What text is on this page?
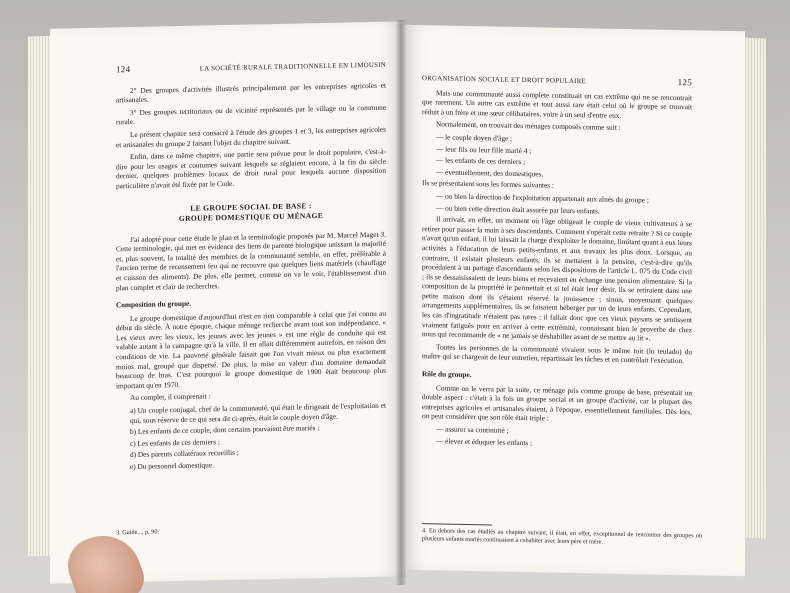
124	LA SOCIÉTÉ RURALE TRADITIONNELLE EN LIMOUSIN

2° Des groupes d'activités illustrés principalement par les entreprises agricoles et artisanales.

3° Des groupes territoriaux ou de vicinité représentés par le village ou la commune rurale.

Le présent chapitre sera consacré à l'étude des groupes 1 et 3, les entreprises agricoles et artisanales du groupe 2 faisant l'objet du chapitre suivant.

Enfin, dans ce même chapitre, une partie sera prévue pour le droit populaire, c'est-à-dire pour les usages et coutumes suivant lesquels se réglaient encore, à la fin du siècle dernier, quelques problèmes locaux de droit rural pour lesquels aucune disposition particulière n'avait été fixée par le Code.

LE GROUPE SOCIAL DE BASE :
GROUPE DOMESTIQUE OU MÉNAGE

J'ai adopté pour cette étude le plan et la terminologie proposés par M. Marcel Maget 3. Cette terminologie, qui met en évidence des liens de parenté biologique unissant la majorité et, plus souvent, la totalité des membres de la communauté semble, en effet, préférable à l'ancien terme de recensement feu qui ne recouvre que quelques liens matériels (chauffage et cuisson des aliments). De plus, elle permet, comme on va le voir, l'établissement d'un plan complet et clair de recherches.

Composition du groupe.

Le groupe domestique d'aujourd'hui n'est en rien comparable à celui que j'ai connu au début du siècle. À notre époque, chaque ménage recherche avant tout son indépendance. « Les vieux avec les vieux, les jeunes avec les jeunes » est une règle de conduite qui est valable autant à la campagne qu'à la ville. Il en allait différemment autrefois, en raison des conditions de vie. La pauvreté générale faisait que l'on vivait mieux ou plus exactement moins mal, groupé que dispersé. De plus, la mise en valeur d'un domaine demandait beaucoup de bras. C'est pourquoi le groupe domestique de 1900 était beaucoup plus important qu'en 1970.

Au complet, il comprenait :

a) Un couple conjugal, chef de la communauté, qui était le dirigeant de l'exploitation et qui, sous réserve de ce qui sera dit ci-après, était le couple doyen d'âge.
b) Les enfants de ce couple, dont certains pouvaient être mariés ;
c) Les enfants de ces derniers ;
d) Des parents collatéraux recueillis ;
e) Du personnel domestique.
3. Guide..., p. 90.
ORGANISATION SOCIALE ET DROIT POPULAIRE	125

Mais une communauté aussi complète constituait un cas extrême qui ne se rencontrait que rarement. Un autre cas extrême et tout aussi rare était celui où le groupe se trouvait réduit à un frère et une sœur célibataires, voire à un seul d'entre eux.

Normalement, on trouvait des ménages composés comme suit :

— le couple doyen d'âge ;
— leur fils ou leur fille marié 4 ;
— les enfants de ces derniers ;
— éventuellement, des domestiques.

Ils se présentaient sous les formes suivantes :

— ou bien la direction de l'exploitation appartenait aux aînés du groupe ;
— ou bien cette direction était assurée par leurs enfants.

Il arrivait, en effet, un moment où l'âge obligeait le couple de vieux cultivateurs à se retirer pour passer la main à ses descendants. Comment s'opérait cette retraite ? Si ce couple n'avait qu'un enfant, il lui laissait la charge d'exploiter le domaine, limitant quant à eux leurs activités à l'éducation de leurs petits-enfants et aux travaux les plus doux. Lorsque, au contraire, il existait plusieurs enfants, ils se mettaient à la pension, c'est-à-dire qu'ils procédaient à un partage d'ascendants selon les dispositions de l'article L. 075 du Code civil ; ils se dessaisissaient de leurs biens et recevaient en échange une pension alimentaire. Si la composition de la propriété le permettait et si tel était leur désir, ils se retiraient dans une petite maison dont ils s'étaient réservé la jouissance ; sinon, moyennant quelques arrangements supplémentaires, ils se faisaient héberger par un de leurs enfants. Cependant, les cas d'ingratitude n'étaient pas rares ; il fallait donc que ces vieux paysans se sentissent vraiment fatigués pour en arriver à cette extrémité, connaissant bien le proverbe de chez nous qui recommande de « ne jamais se déshabiller avant de se mettre au lit ».

Toutes les personnes de la communauté vivaient sous le même toit (lo teulado) du maître qui se chargeait de leur entretien, répartissait les tâches et en contrôlait l'exécution.

Rôle du groupe.

Comme on le verra par la suite, ce ménage pris comme groupe de base, présentait un double aspect : c'était à la fois un groupe social et un groupe d'activité, car la plupart des entreprises agricoles et artisanales étaient, à l'époque, essentiellement familiales. Dès lors, on peut considérer que son rôle était triple :

— assurer sa continuité ;
— élever et éduquer les enfants ;
4. En dehors des cas étudiés au chapitre suivant, il était, en effet, exceptionnel de rencontrer des groupes où plusieurs enfants mariés continuaient à cohabiter avec leurs père et mère.
